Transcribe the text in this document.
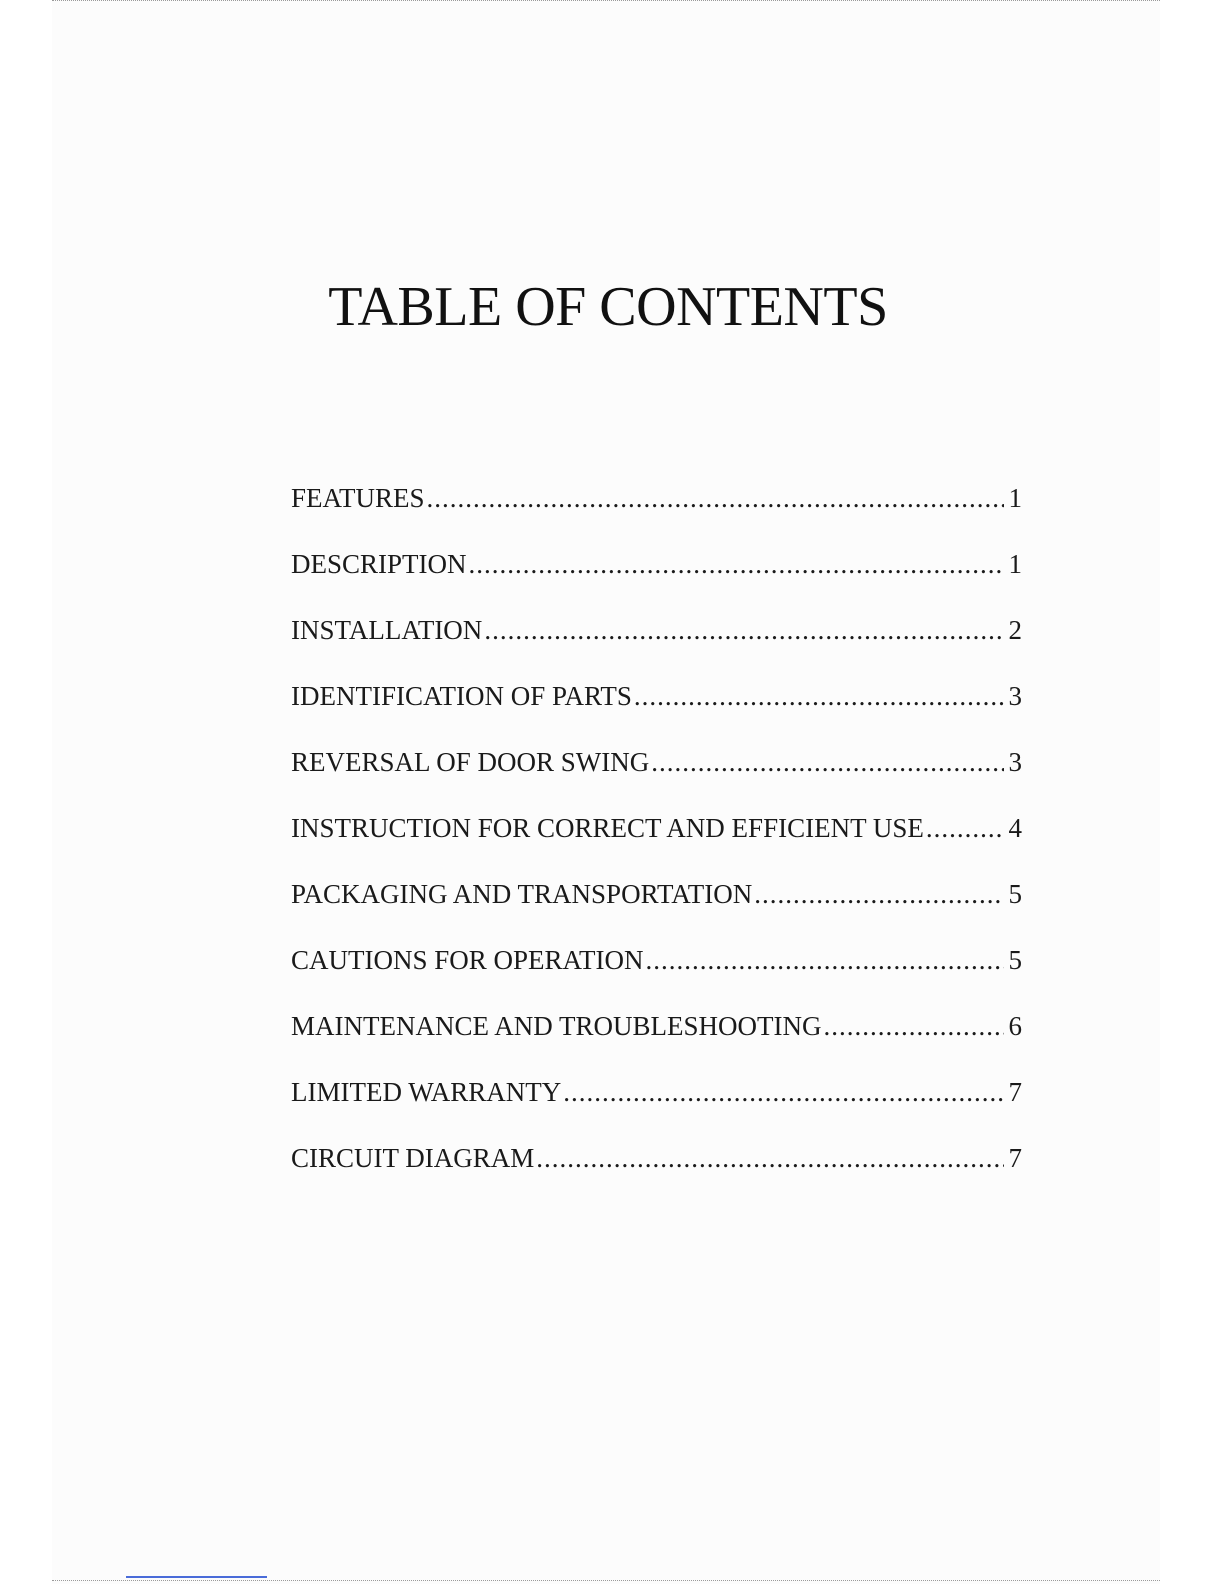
TABLE OF CONTENTS
FEATURES .....	1
DESCRIPTION .....	1
INSTALLATION .....	2
IDENTIFICATION OF PARTS .....	3
REVERSAL OF DOOR SWING .....	3
INSTRUCTION FOR CORRECT AND EFFICIENT USE .....	4
PACKAGING AND TRANSPORTATION .....	5
CAUTIONS FOR OPERATION .....	5
MAINTENANCE AND TROUBLESHOOTING .....	6
LIMITED WARRANTY .....	7
CIRCUIT DIAGRAM .....	7
